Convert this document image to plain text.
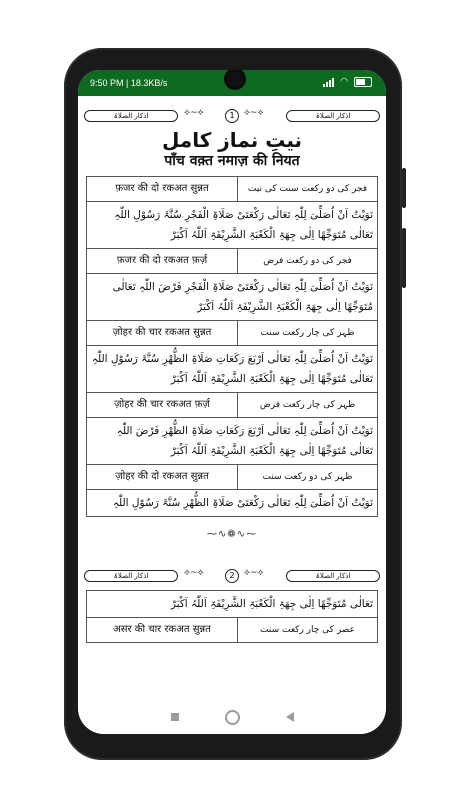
9:50 PM | 18.3KB/s	◠
اذکار الصلاۃ	⟡~⟡	1	⟡~⟡	اذکار الصلاۃ
نیتِ نماز کامل
पाँच वक़्त नमाज़ की नियत
फ़जर की दो रकअत सुन्नत	فجر کی دو رکعت سنت کی نیت
نَوَیْتُ اَنْ اُصَلِّیَ لِلّٰہِ تَعَالٰی رَکْعَتَیْ صَلَاۃِ الْفَجْرِ سُنَّۃَ رَسُوْلِ اللّٰہِ تَعَالٰی مُتَوَجِّھًا اِلٰی جِھَۃِ الْکَعْبَۃِ الشَّرِیْفَۃِ اَللّٰہُ اَکْبَرْ
फ़जर की दो रकअत फ़र्ज़	فجر کی دو رکعت فرض
نَوَیْتُ اَنْ اُصَلِّیَ لِلّٰہِ تَعَالٰی رَکْعَتَیْ صَلَاۃِ الْفَجْرِ فَرْضَ اللّٰہِ تَعَالٰی مُتَوَجِّھًا اِلٰی جِھَۃِ الْکَعْبَۃِ الشَّرِیْفَۃِ اَللّٰہُ اَکْبَرْ
ज़ोहर की चार रकअत सुन्नत	ظہر کی چار رکعت سنت
نَوَیْتُ اَنْ اُصَلِّیَ لِلّٰہِ تَعَالٰی اَرْبَعَ رَکَعَاتِ صَلَاۃِ الظُّھْرِ سُنَّۃَ رَسُوْلِ اللّٰہِ تَعَالٰی مُتَوَجِّھًا اِلٰی جِھَۃِ الْکَعْبَۃِ الشَّرِیْفَۃِ اَللّٰہُ اَکْبَرْ
ज़ोहर की चार रकअत फ़र्ज़	ظہر کی چار رکعت فرض
نَوَیْتُ اَنْ اُصَلِّیَ لِلّٰہِ تَعَالٰی اَرْبَعَ رَکَعَاتِ صَلَاۃِ الظُّھْرِ فَرْضَ اللّٰہِ تَعَالٰی مُتَوَجِّھًا اِلٰی جِھَۃِ الْکَعْبَۃِ الشَّرِیْفَۃِ اَللّٰہُ اَکْبَرْ
ज़ोहर की दो रकअत सुन्नत	ظہر کی دو رکعت سنت
نَوَیْتُ اَنْ اُصَلِّیَ لِلّٰہِ تَعَالٰی رَکْعَتَیْ صَلَاۃِ الظُّھْرِ سُنَّۃَ رَسُوْلِ اللّٰہِ
⁓∿❁∿⁓
اذکار الصلاۃ	⟡~⟡	2	⟡~⟡	اذکار الصلاۃ
تَعَالٰی مُتَوَجِّھًا اِلٰی جِھَۃِ الْکَعْبَۃِ الشَّرِیْفَۃِ اَللّٰہُ اَکْبَرْ
असर की चार रकअत सुन्नत	عصر کی چار رکعت سنت
